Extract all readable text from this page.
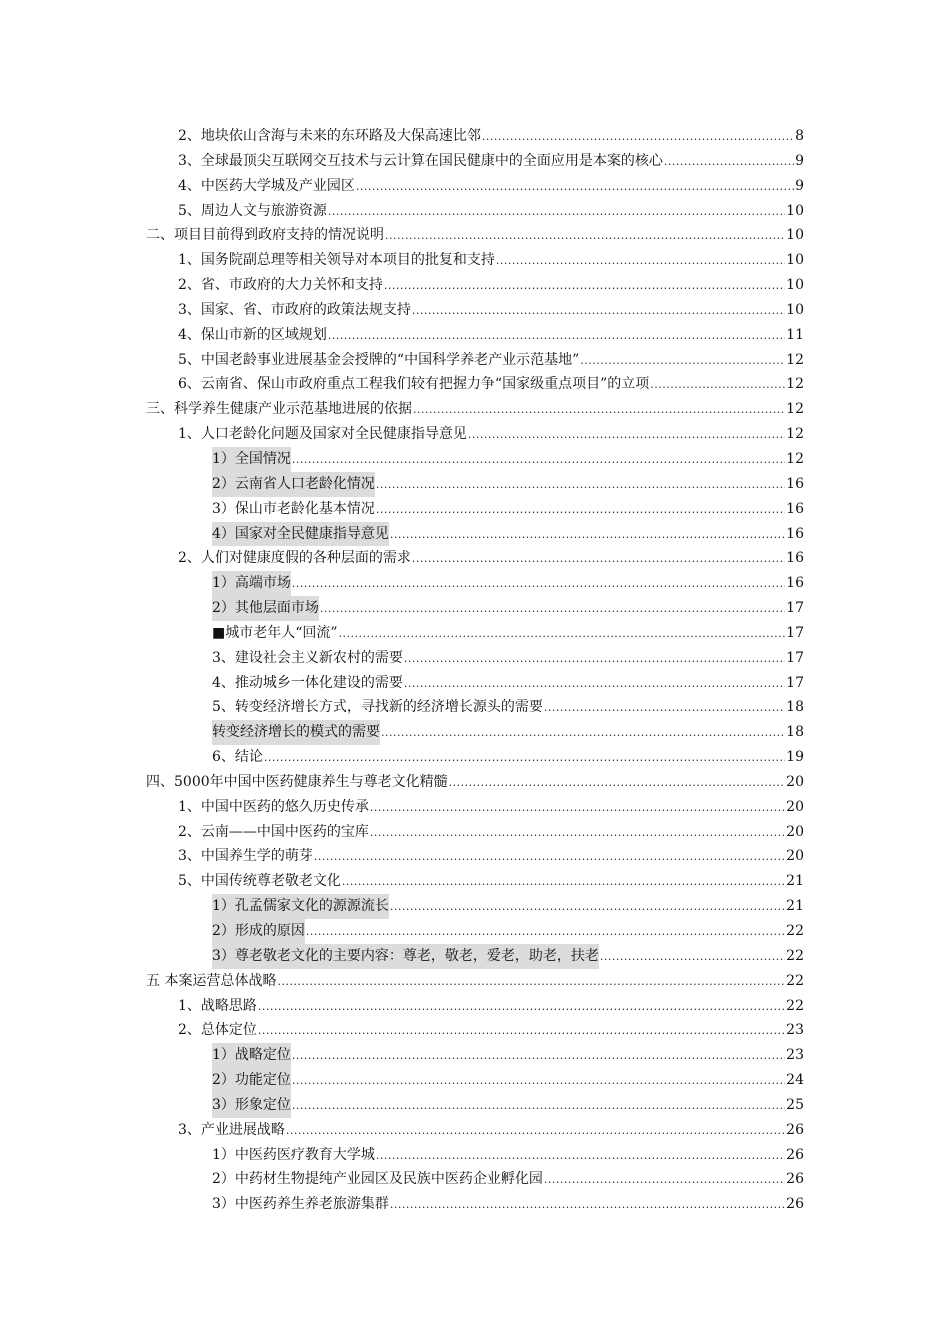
2、地块依山含海与未来的东环路及大保高速比邻 .....	8
3、全球最顶尖互联网交互技术与云计算在国民健康中的全面应用是本案的核心 .....	9
4、中医药大学城及产业园区 .....	9
5、周边人文与旅游资源 .....	10
二、项目目前得到政府支持的情况说明 .....	10
1、国务院副总理等相关领导对本项目的批复和支持 .....	10
2、省、市政府的大力关怀和支持 .....	10
3、国家、省、市政府的政策法规支持 .....	10
4、保山市新的区域规划 .....	11
5、中国老龄事业进展基金会授牌的“中国科学养老产业示范基地” .....	12
6、云南省、保山市政府重点工程我们较有把握力争“国家级重点项目”的立项 .....	12
三、科学养生健康产业示范基地进展的依据 .....	12
1、人口老龄化问题及国家对全民健康指导意见 .....	12
1）全国情况 .....	12
2）云南省人口老龄化情况 .....	16
3）保山市老龄化基本情况 .....	16
4）国家对全民健康指导意见 .....	16
2、人们对健康度假的各种层面的需求 .....	16
1）高端市场 .....	16
2）其他层面市场 .....	17
■城市老年人“回流” .....	17
3、建设社会主义新农村的需要 .....	17
4、推动城乡一体化建设的需要 .....	17
5、转变经济增长方式，寻找新的经济增长源头的需要 .....	18
转变经济增长的模式的需要 .....	18
6、结论 .....	19
四、5000年中国中医药健康养生与尊老文化精髓 .....	20
1、中国中医药的悠久历史传承 .....	20
2、云南——中国中医药的宝库 .....	20
3、中国养生学的萌芽 .....	20
5、中国传统尊老敬老文化 .....	21
1）孔孟儒家文化的源源流长 .....	21
2）形成的原因 .....	22
3）尊老敬老文化的主要内容：尊老，敬老，爱老，助老，扶老 .....	22
五 本案运营总体战略 .....	22
1、战略思路 .....	22
2、总体定位 .....	23
1）战略定位 .....	23
2）功能定位 .....	24
3）形象定位 .....	25
3、产业进展战略 .....	26
1）中医药医疗教育大学城 .....	26
2）中药材生物提纯产业园区及民族中医药企业孵化园 .....	26
3）中医药养生养老旅游集群 .....	26
